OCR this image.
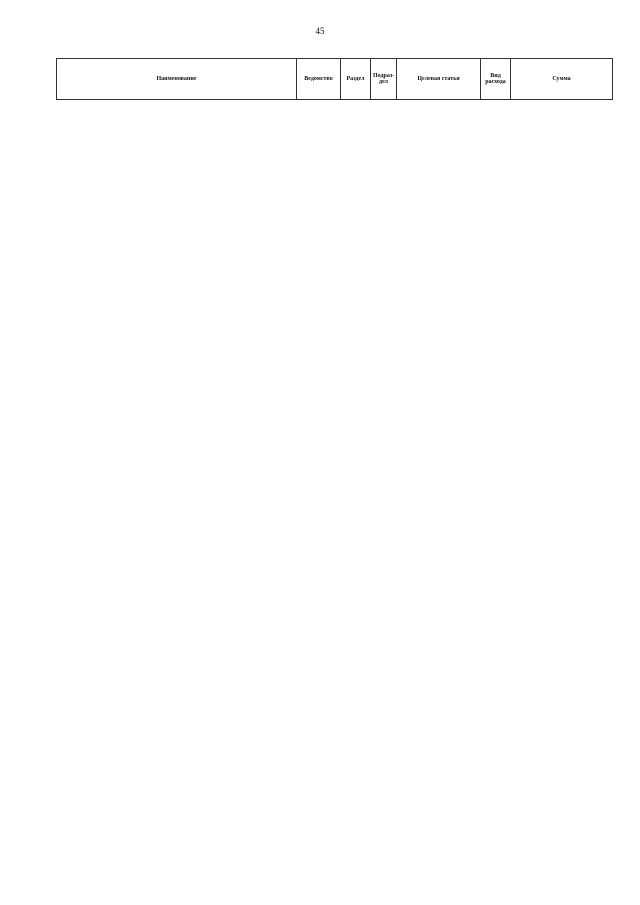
45
Наименование	Ведомство	Раздел	Подраз-дел	Целевая статья	Вид расхода	Сумма
